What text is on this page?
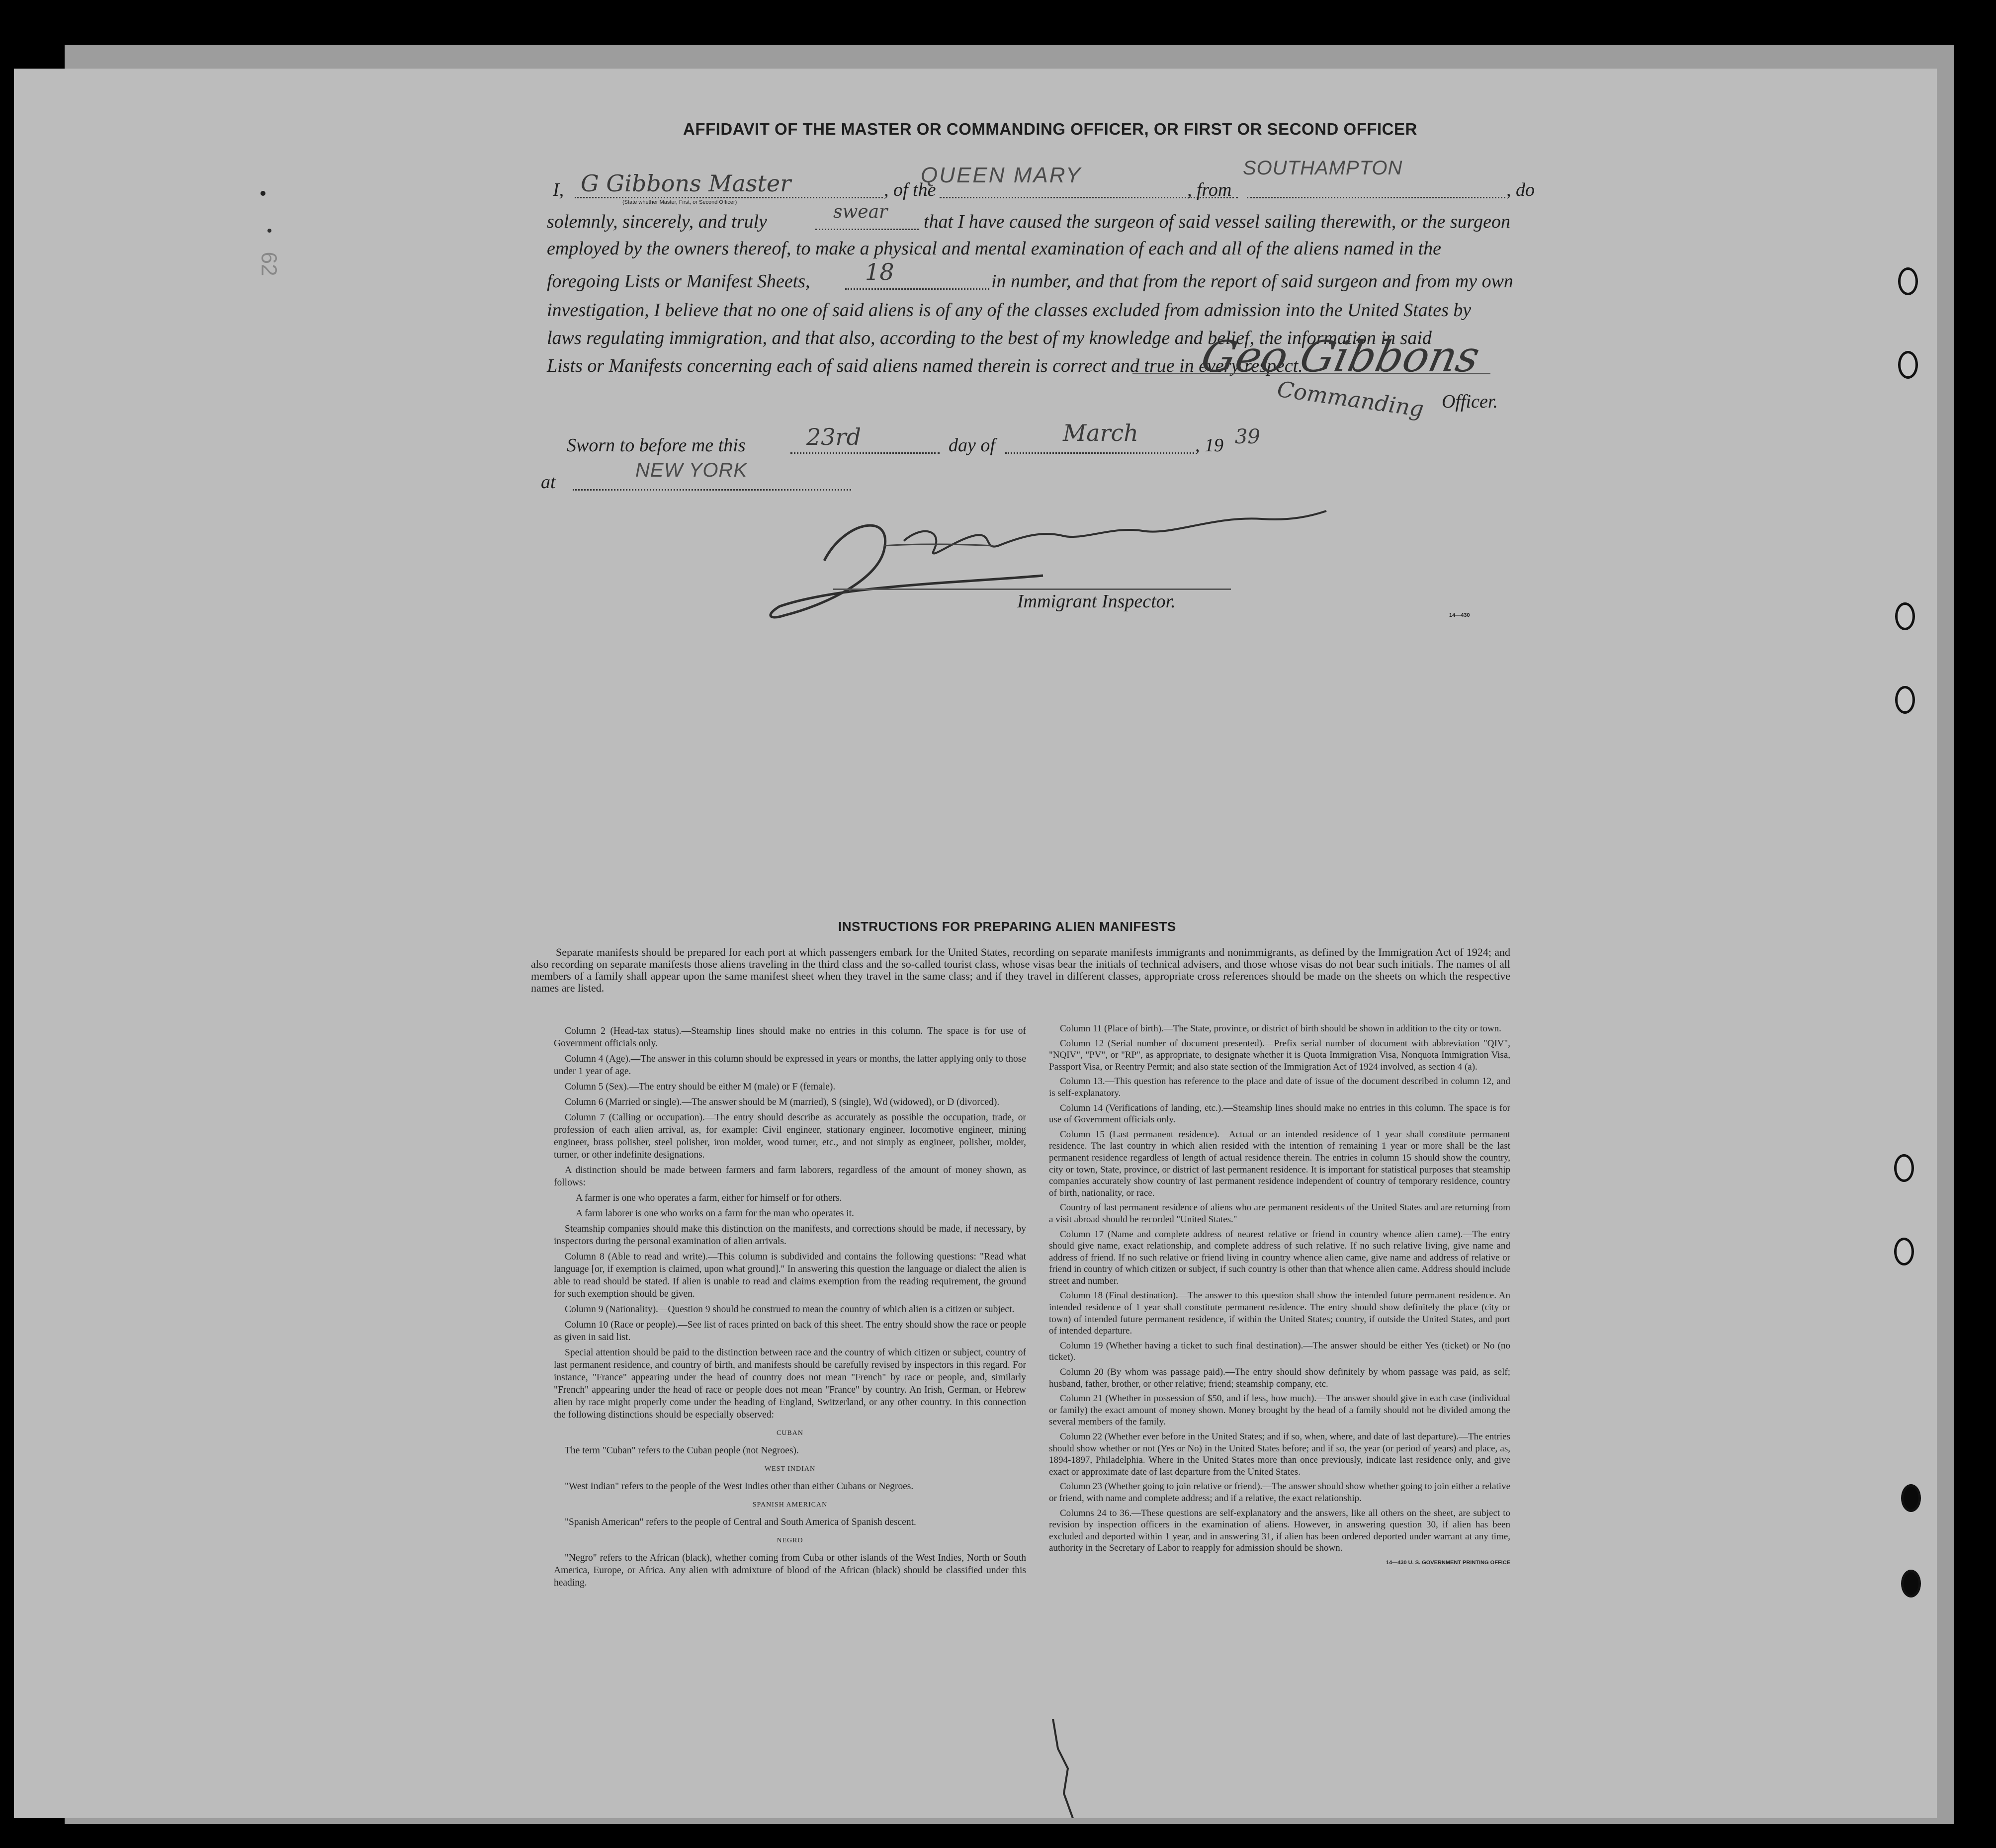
62
AFFIDAVIT OF THE MASTER OR COMMANDING OFFICER, OR FIRST OR SECOND OFFICER
I, G Gibbons Master	, of the
QUEEN MARY
, from
SOUTHAMPTON
, do
(State whether Master, First, or Second Officer)
solemnly, sincerely, and truly	swear that I have caused the surgeon of said vessel sailing therewith, or the surgeon
employed by the owners thereof, to make a physical and mental examination of each and all of the aliens named in the
foregoing Lists or Manifest Sheets, 18	in number, and that from the report of said surgeon and from my own
investigation, I believe that no one of said aliens is of any of the classes excluded from admission into the United States by
laws regulating immigration, and that also, according to the best of my knowledge and belief, the information in said
Lists or Manifests concerning each of said aliens named therein is correct and true in every respect.
Geo Gibbons
Commanding Officer.
Sworn to before me this	23rd	day of	March	, 19 39
at
NEW YORK
Immigrant Inspector.
14—430
INSTRUCTIONS FOR PREPARING ALIEN MANIFESTS
Separate manifests should be prepared for each port at which passengers embark for the United States, recording on separate manifests immigrants and nonimmigrants, as defined by the Immigration Act of 1924; and also recording on separate manifests those aliens traveling in the third class and the so-called tourist class, whose visas bear the initials of technical advisers, and those whose visas do not bear such initials. The names of all members of a family shall appear upon the same manifest sheet when they travel in the same class; and if they travel in different classes, appropriate cross references should be made on the sheets on which the respective names are listed.

Column 2 (Head-tax status).—Steamship lines should make no entries in this column. The space is for use of Government officials only.

Column 4 (Age).—The answer in this column should be expressed in years or months, the latter applying only to those under 1 year of age.

Column 5 (Sex).—The entry should be either M (male) or F (female).

Column 6 (Married or single).—The answer should be M (married), S (single), Wd (widowed), or D (divorced).

Column 7 (Calling or occupation).—The entry should describe as accurately as possible the occupation, trade, or profession of each alien arrival, as, for example: Civil engineer, stationary engineer, locomotive engineer, mining engineer, brass polisher, steel polisher, iron molder, wood turner, etc., and not simply as engineer, polisher, molder, turner, or other indefinite designations.

A distinction should be made between farmers and farm laborers, regardless of the amount of money shown, as follows:

A farmer is one who operates a farm, either for himself or for others.

A farm laborer is one who works on a farm for the man who operates it.

Steamship companies should make this distinction on the manifests, and corrections should be made, if necessary, by inspectors during the personal examination of alien arrivals.

Column 8 (Able to read and write).—This column is subdivided and contains the following questions: "Read what language [or, if exemption is claimed, upon what ground]." In answering this question the language or dialect the alien is able to read should be stated. If alien is unable to read and claims exemption from the reading requirement, the ground for such exemption should be given.

Column 9 (Nationality).—Question 9 should be construed to mean the country of which alien is a citizen or subject.

Column 10 (Race or people).—See list of races printed on back of this sheet. The entry should show the race or people as given in said list.

Special attention should be paid to the distinction between race and the country of which citizen or subject, country of last permanent residence, and country of birth, and manifests should be carefully revised by inspectors in this regard. For instance, "France" appearing under the head of country does not mean "French" by race or people, and, similarly "French" appearing under the head of race or people does not mean "France" by country. An Irish, German, or Hebrew alien by race might properly come under the heading of England, Switzerland, or any other country. In this connection the following distinctions should be especially observed:

CUBAN

The term "Cuban" refers to the Cuban people (not Negroes).

WEST INDIAN

"West Indian" refers to the people of the West Indies other than either Cubans or Negroes.

SPANISH AMERICAN

"Spanish American" refers to the people of Central and South America of Spanish descent.

NEGRO

"Negro" refers to the African (black), whether coming from Cuba or other islands of the West Indies, North or South America, Europe, or Africa. Any alien with admixture of blood of the African (black) should be classified under this heading.

Column 11 (Place of birth).—The State, province, or district of birth should be shown in addition to the city or town.

Column 12 (Serial number of document presented).—Prefix serial number of document with abbreviation "QIV", "NQIV", "PV", or "RP", as appropriate, to designate whether it is Quota Immigration Visa, Nonquota Immigration Visa, Passport Visa, or Reentry Permit; and also state section of the Immigration Act of 1924 involved, as section 4 (a).

Column 13.—This question has reference to the place and date of issue of the document described in column 12, and is self-explanatory.

Column 14 (Verifications of landing, etc.).—Steamship lines should make no entries in this column. The space is for use of Government officials only.

Column 15 (Last permanent residence).—Actual or an intended residence of 1 year shall constitute permanent residence. The last country in which alien resided with the intention of remaining 1 year or more shall be the last permanent residence regardless of length of actual residence therein. The entries in column 15 should show the country, city or town, State, province, or district of last permanent residence. It is important for statistical purposes that steamship companies accurately show country of last permanent residence independent of country of temporary residence, country of birth, nationality, or race.

Country of last permanent residence of aliens who are permanent residents of the United States and are returning from a visit abroad should be recorded "United States."

Column 17 (Name and complete address of nearest relative or friend in country whence alien came).—The entry should give name, exact relationship, and complete address of such relative. If no such relative living, give name and address of friend. If no such relative or friend living in country whence alien came, give name and address of relative or friend in country of which citizen or subject, if such country is other than that whence alien came. Address should include street and number.

Column 18 (Final destination).—The answer to this question shall show the intended future permanent residence. An intended residence of 1 year shall constitute permanent residence. The entry should show definitely the place (city or town) of intended future permanent residence, if within the United States; country, if outside the United States, and port of intended departure.

Column 19 (Whether having a ticket to such final destination).—The answer should be either Yes (ticket) or No (no ticket).

Column 20 (By whom was passage paid).—The entry should show definitely by whom passage was paid, as self; husband, father, brother, or other relative; friend; steamship company, etc.

Column 21 (Whether in possession of $50, and if less, how much).—The answer should give in each case (individual or family) the exact amount of money shown. Money brought by the head of a family should not be divided among the several members of the family.

Column 22 (Whether ever before in the United States; and if so, when, where, and date of last departure).—The entries should show whether or not (Yes or No) in the United States before; and if so, the year (or period of years) and place, as, 1894-1897, Philadelphia. Where in the United States more than once previously, indicate last residence only, and give exact or approximate date of last departure from the United States.

Column 23 (Whether going to join relative or friend).—The answer should show whether going to join either a relative or friend, with name and complete address; and if a relative, the exact relationship.

Columns 24 to 36.—These questions are self-explanatory and the answers, like all others on the sheet, are subject to revision by inspection officers in the examination of aliens. However, in answering question 30, if alien has been excluded and deported within 1 year, and in answering 31, if alien has been ordered deported under warrant at any time, authority in the Secretary of Labor to reapply for admission should be shown.

14—430 U. S. GOVERNMENT PRINTING OFFICE
